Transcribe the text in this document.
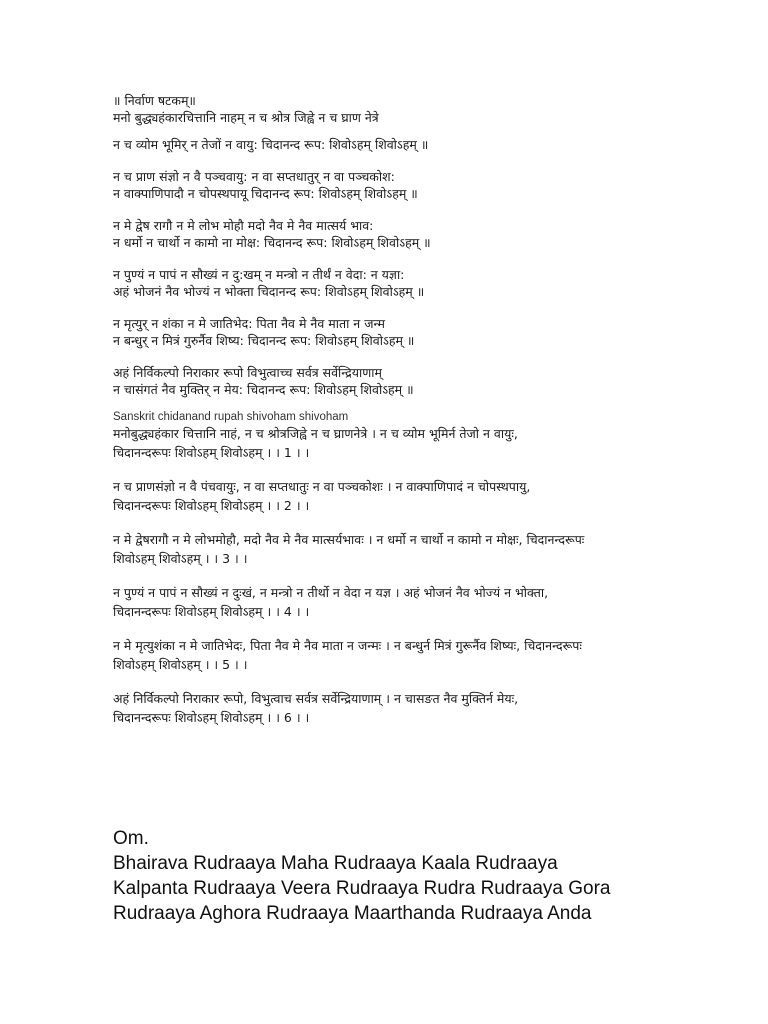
॥ निर्वाण षटकम्॥
मनो बुद्ध्यहंकारचित्तानि नाहम् न च श्रोत्र जिह्वे न च घ्राण नेत्रे
न च व्योम भूमिर् न तेजों न वायु: चिदानन्द रूप: शिवोऽहम् शिवोऽहम् ॥
न च प्राण संज्ञो न वै पञ्चवायु: न वा सप्तधातुर् न वा पञ्चकोश:
न वाक्पाणिपादौ न चोपस्थपायू चिदानन्द रूप: शिवोऽहम् शिवोऽहम् ॥
न मे द्वेष रागौ न मे लोभ मोहौ मदो नैव मे नैव मात्सर्य भाव:
न धर्मो न चार्थो न कामो ना मोक्ष: चिदानन्द रूप: शिवोऽहम् शिवोऽहम् ॥
न पुण्यं न पापं न सौख्यं न दु:खम् न मन्त्रो न तीर्थं न वेदा: न यज्ञा:
अहं भोजनं नैव भोज्यं न भोक्ता चिदानन्द रूप: शिवोऽहम् शिवोऽहम् ॥
न मृत्युर् न शंका न मे जातिभेद: पिता नैव मे नैव माता न जन्म
न बन्धुर् न मित्रं गुरुर्नैव शिष्य: चिदानन्द रूप: शिवोऽहम् शिवोऽहम् ॥
अहं निर्विकल्पो निराकार रूपो विभुत्वाच्च सर्वत्र सर्वेन्द्रियाणाम्
न चासंगतं नैव मुक्तिर् न मेय: चिदानन्द रूप: शिवोऽहम् शिवोऽहम् ॥
Sanskrit chidanand rupah shivoham shivoham
मनोबुद्ध्यहंकार चित्तानि नाहं, न च श्रोत्रजिह्वे न च घ्राणनेत्रे । न च व्योम भूमिर्न तेजो न वायुः,
चिदानन्दरूपः शिवोऽहम् शिवोऽहम् । । 1 । ।
न च प्राणसंज्ञो न वै पंचवायुः, न वा सप्तधातुः न वा पञ्चकोशः । न वाक्पाणिपादं न चोपस्थपायु,
चिदानन्दरूपः शिवोऽहम् शिवोऽहम् । । 2 । ।
न मे द्वेषरागौ न मे लोभमोहौ, मदो नैव मे नैव मात्सर्यभावः । न धर्मो न चार्थो न कामो न मोक्षः, चिदानन्दरूपः
शिवोऽहम् शिवोऽहम् । । 3 । ।
न पुण्यं न पापं न सौख्यं न दुःखं, न मन्त्रो न तीर्थो न वेदा न यज्ञ । अहं भोजनं नैव भोज्यं न भोक्ता,
चिदानन्दरूपः शिवोऽहम् शिवोऽहम् । । 4 । ।
न मे मृत्युशंका न मे जातिभेदः, पिता नैव मे नैव माता न जन्मः । न बन्धुर्न मित्रं गुरूर्नैव शिष्यः, चिदानन्दरूपः
शिवोऽहम् शिवोऽहम् । । 5 । ।
अहं निर्विकल्पो निराकार रूपो, विभुत्वाच सर्वत्र सर्वेन्द्रियाणाम् । न चासङत नैव मुक्तिर्न मेयः,
चिदानन्दरूपः शिवोऽहम् शिवोऽहम् । । 6 । ।
Om.
Bhairava Rudraaya Maha Rudraaya Kaala Rudraaya
Kalpanta Rudraaya Veera Rudraaya Rudra Rudraaya Gora
Rudraaya Aghora Rudraaya Maarthanda Rudraaya Anda
